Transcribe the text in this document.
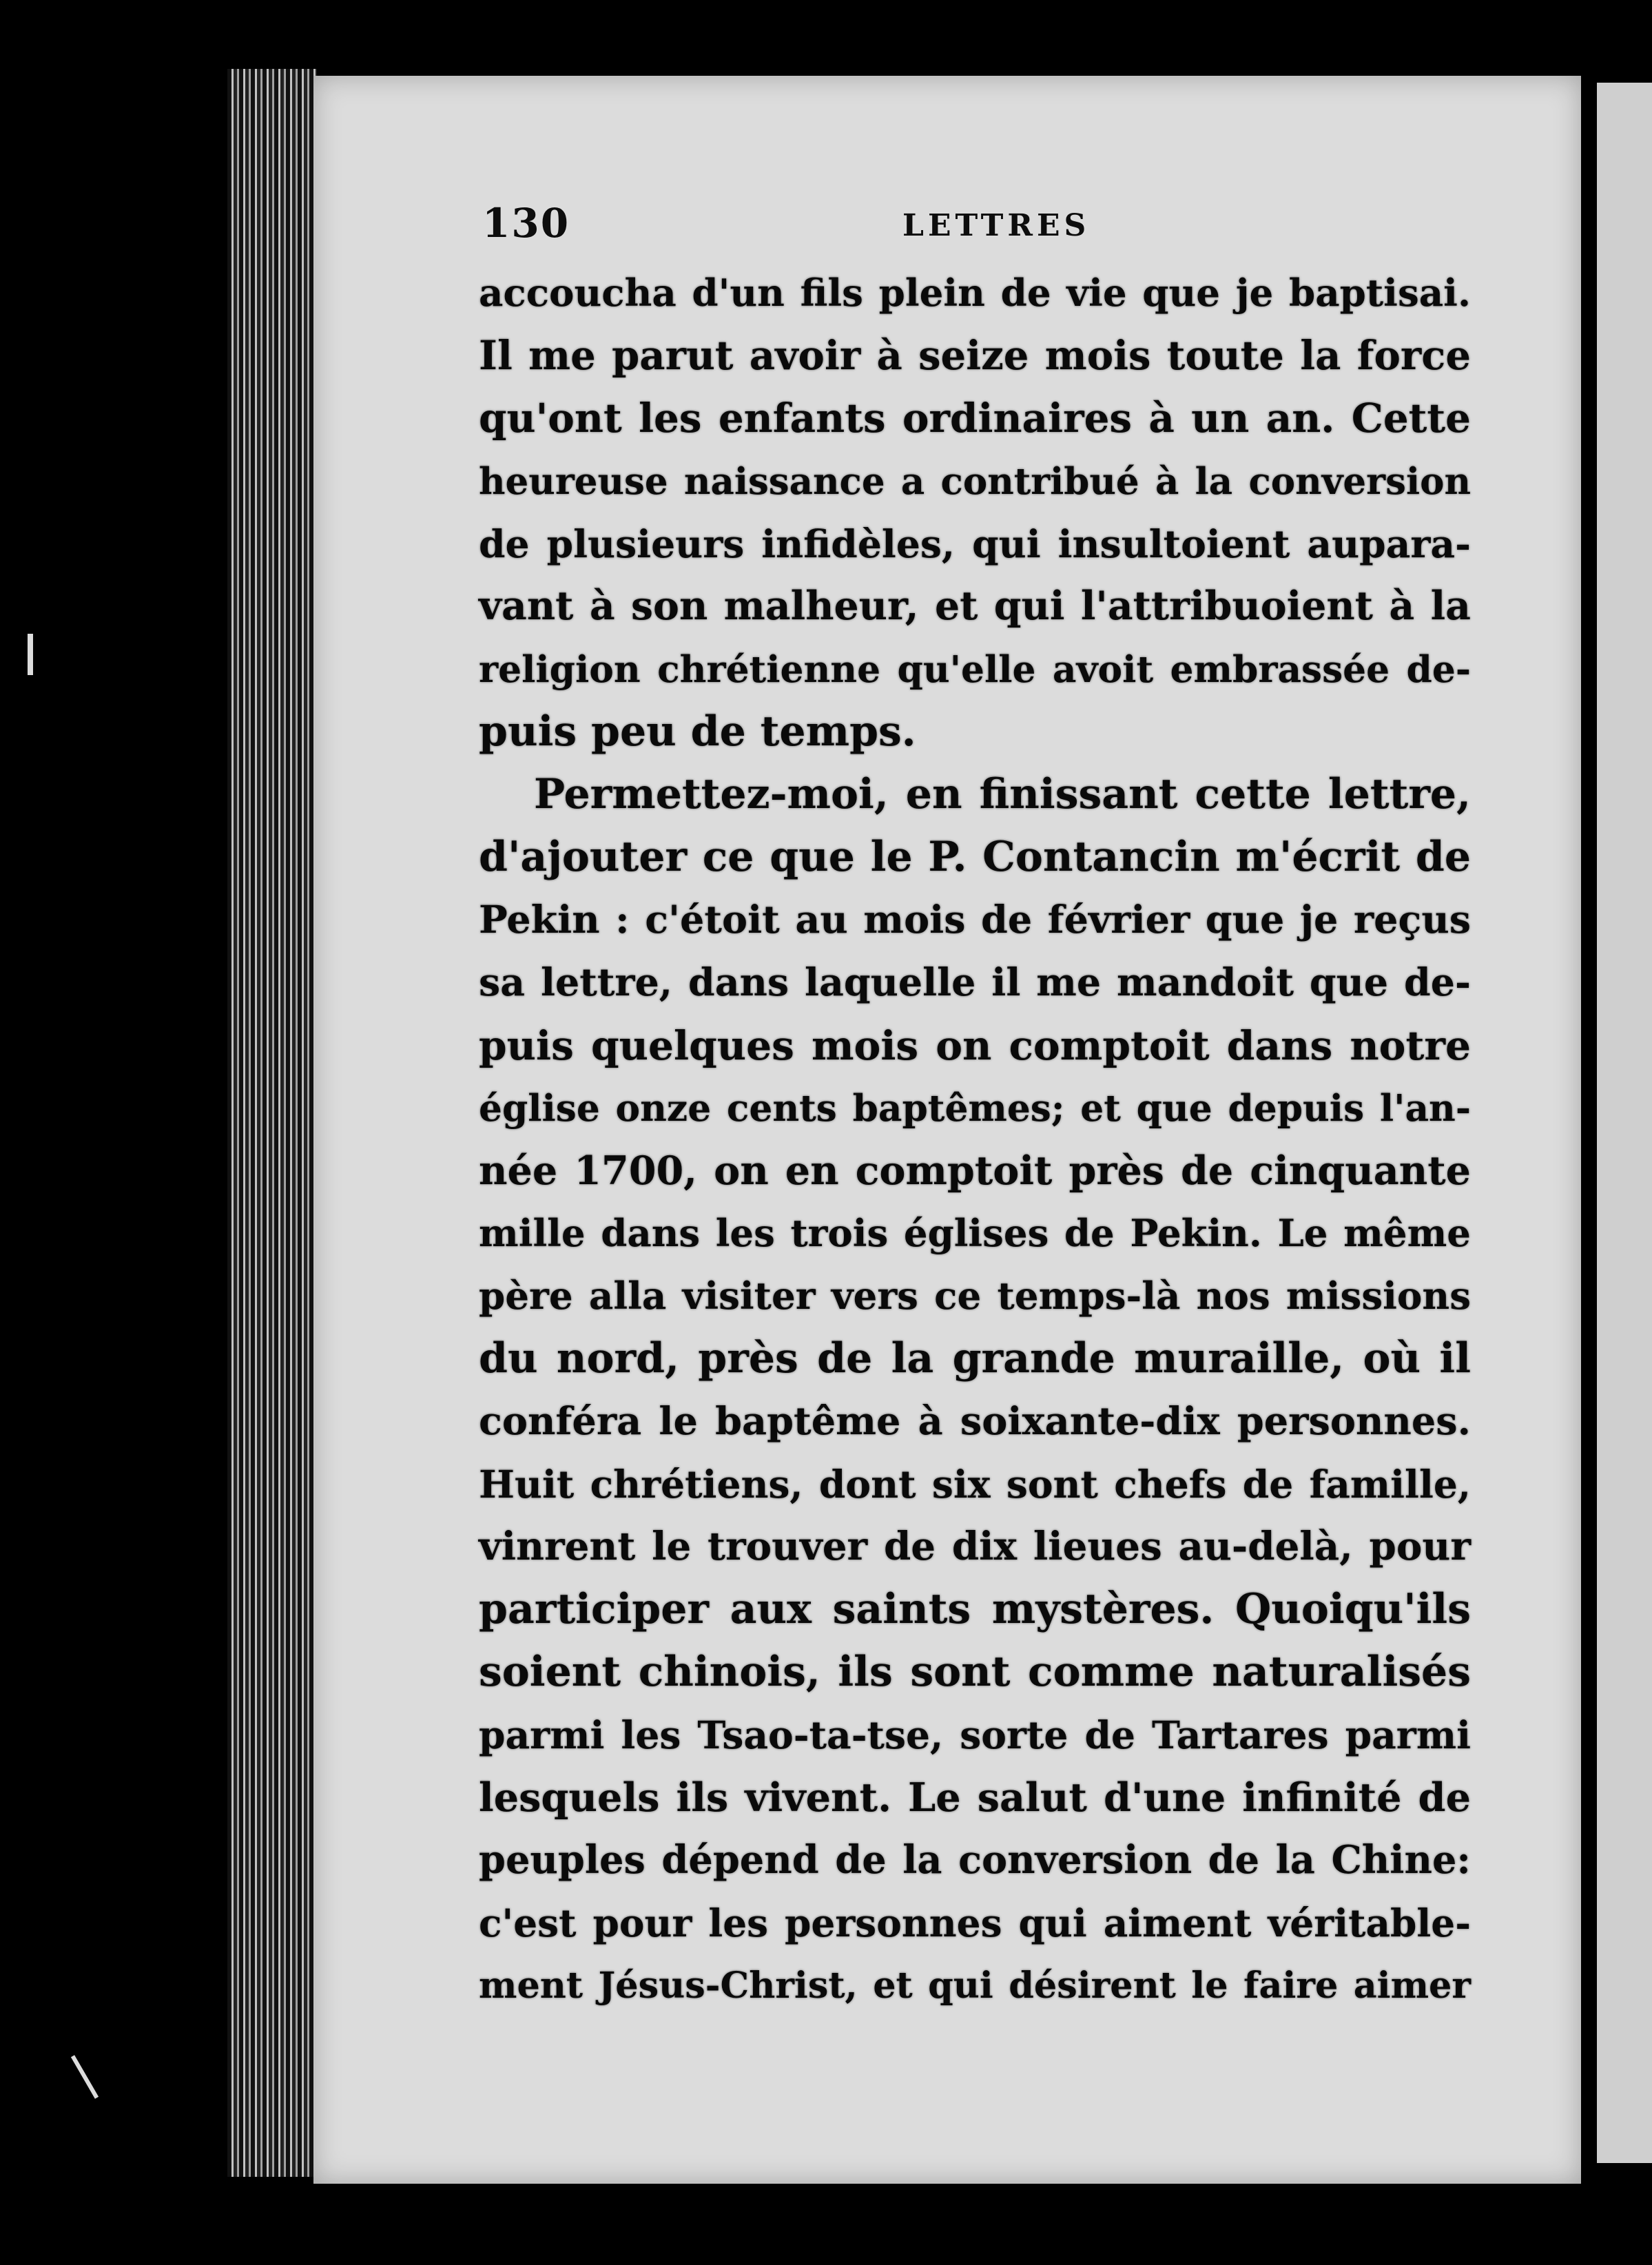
130	LETTRES
accoucha d'un fils plein de vie que je baptisai.
Il me parut avoir à seize mois toute la force
qu'ont les enfants ordinaires à un an. Cette
heureuse naissance a contribué à la conversion
de plusieurs infidèles, qui insultoient aupara-
vant à son malheur, et qui l'attribuoient à la
religion chrétienne qu'elle avoit embrassée de-
puis peu de temps.
Permettez-moi, en finissant cette lettre,
d'ajouter ce que le P. Contancin m'écrit de
Pekin : c'étoit au mois de février que je reçus
sa lettre, dans laquelle il me mandoit que de-
puis quelques mois on comptoit dans notre
église onze cents baptêmes; et que depuis l'an-
née 1700, on en comptoit près de cinquante
mille dans les trois églises de Pekin. Le même
père alla visiter vers ce temps-là nos missions
du nord, près de la grande muraille, où il
conféra le baptême à soixante-dix personnes.
Huit chrétiens, dont six sont chefs de famille,
vinrent le trouver de dix lieues au-delà, pour
participer aux saints mystères. Quoiqu'ils
soient chinois, ils sont comme naturalisés
parmi les Tsao-ta-tse, sorte de Tartares parmi
lesquels ils vivent. Le salut d'une infinité de
peuples dépend de la conversion de la Chine:
c'est pour les personnes qui aiment véritable-
ment Jésus-Christ, et qui désirent le faire aimer
